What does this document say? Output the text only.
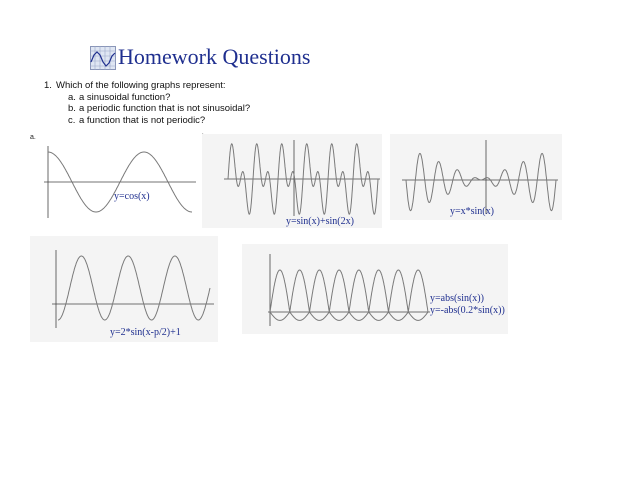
Homework Questions
1. Which of the following graphs represent:
a. a sinusoidal function?
b. a periodic function that is not sinusoidal?
c. a function that is not periodic?
a.
y=cos(x)
b.
y=sin(x)+sin(2x)
c.
y=x*sin(x)
d.
y=2*sin(x-p/2)+1
e.
y=abs(sin(x))
y=-abs(0.2*sin(x))
